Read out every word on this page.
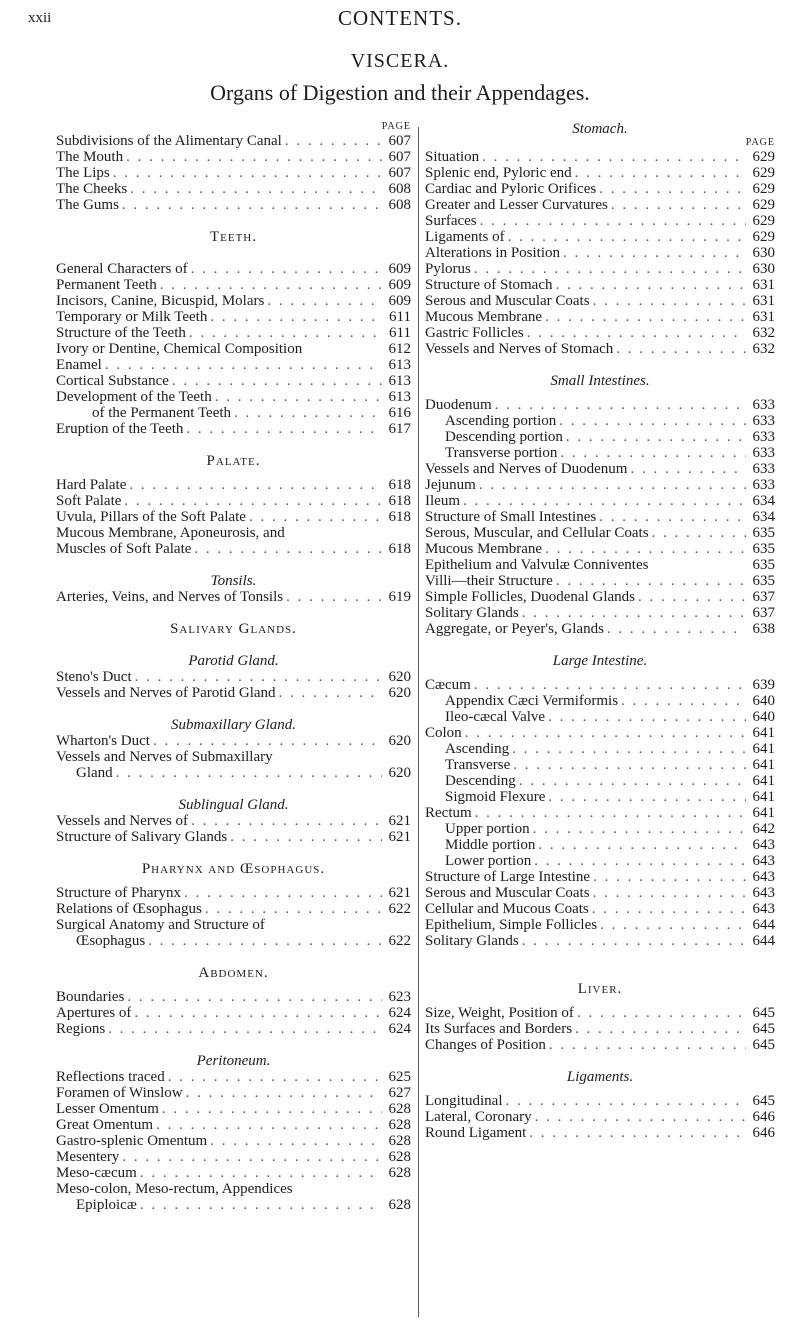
xxii	CONTENTS.
VISCERA.
Organs of Digestion and their Appendages.
PAGE
Subdivisions of the Alimentary Canal . . .	607
The Mouth . . .	607
The Lips . . .	607
The Cheeks . . .	608
The Gums . . .	608
Teeth.
General Characters of . . .	609
Permanent Teeth . . .	609
Incisors, Canine, Bicuspid, Molars . . .	609
Temporary or Milk Teeth . . .	611
Structure of the Teeth . . .	611
Ivory or Dentine, Chemical Composition	612
Enamel . . .	613
Cortical Substance . . .	613
Development of the Teeth . . .	613
of the Permanent Teeth . . .	616
Eruption of the Teeth . . .	617
Palate.
Hard Palate . . .	618
Soft Palate . . .	618
Uvula, Pillars of the Soft Palate . . .	618
Mucous Membrane, Aponeurosis, and
Muscles of Soft Palate . . .	618
Tonsils.
Arteries, Veins, and Nerves of Tonsils . . .	619
Salivary Glands.
Parotid Gland.
Steno's Duct . . .	620
Vessels and Nerves of Parotid Gland . . .	620
Submaxillary Gland.
Wharton's Duct . . .	620
Vessels and Nerves of Submaxillary
Gland . . .	620
Sublingual Gland.
Vessels and Nerves of . . .	621
Structure of Salivary Glands . . .	621
Pharynx and Œsophagus.
Structure of Pharynx . . .	621
Relations of Œsophagus . . .	622
Surgical Anatomy and Structure of
Œsophagus . . .	622
Abdomen.
Boundaries . . .	623
Apertures of . . .	624
Regions . . .	624
Peritoneum.
Reflections traced . . .	625
Foramen of Winslow . . .	627
Lesser Omentum . . .	628
Great Omentum . . .	628
Gastro-splenic Omentum . . .	628
Mesentery . . .	628
Meso-cæcum . . .	628
Meso-colon, Meso-rectum, Appendices
Epiploicæ . . .	628
Stomach.
PAGE
Situation . . .	629
Splenic end, Pyloric end . . .	629
Cardiac and Pyloric Orifices . . .	629
Greater and Lesser Curvatures . . .	629
Surfaces . . .	629
Ligaments of . . .	629
Alterations in Position . . .	630
Pylorus . . .	630
Structure of Stomach . . .	631
Serous and Muscular Coats . . .	631
Mucous Membrane . . .	631
Gastric Follicles . . .	632
Vessels and Nerves of Stomach . . .	632
Small Intestines.
Duodenum . . .	633
Ascending portion . . .	633
Descending portion . . .	633
Transverse portion . . .	633
Vessels and Nerves of Duodenum . . .	633
Jejunum . . .	633
Ileum . . .	634
Structure of Small Intestines . . .	634
Serous, Muscular, and Cellular Coats . . .	635
Mucous Membrane . . .	635
Epithelium and Valvulæ Conniventes	635
Villi—their Structure . . .	635
Simple Follicles, Duodenal Glands . . .	637
Solitary Glands . . .	637
Aggregate, or Peyer's, Glands . . .	638
Large Intestine.
Cæcum . . .	639
Appendix Cæci Vermiformis . . .	640
Ileo-cæcal Valve . . .	640
Colon . . .	641
Ascending . . .	641
Transverse . . .	641
Descending . . .	641
Sigmoid Flexure . . .	641
Rectum . . .	641
Upper portion . . .	642
Middle portion . . .	643
Lower portion . . .	643
Structure of Large Intestine . . .	643
Serous and Muscular Coats . . .	643
Cellular and Mucous Coats . . .	643
Epithelium, Simple Follicles . . .	644
Solitary Glands . . .	644
Liver.
Size, Weight, Position of . . .	645
Its Surfaces and Borders . . .	645
Changes of Position . . .	645
Ligaments.
Longitudinal . . .	645
Lateral, Coronary . . .	646
Round Ligament . . .	646
